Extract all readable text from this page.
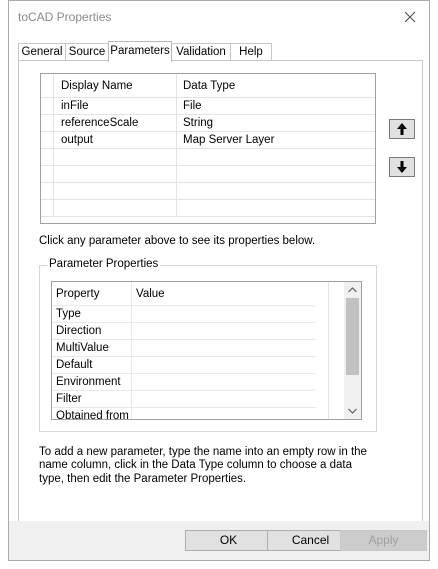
toCAD Properties
General Source Parameters Validation	Help
Display Name	Data Type
inFile	File
referenceScale	String
output	Map Server Layer
Click any parameter above to see its properties below.
Parameter Properties
Property	Value
Type
Direction
MultiValue
Default
Environment
Filter
Obtained from
To add a new parameter, type the name into an empty row in the name column, click in the Data Type column to choose a data type, then edit the Parameter Properties.
OK	Cancel	Apply
